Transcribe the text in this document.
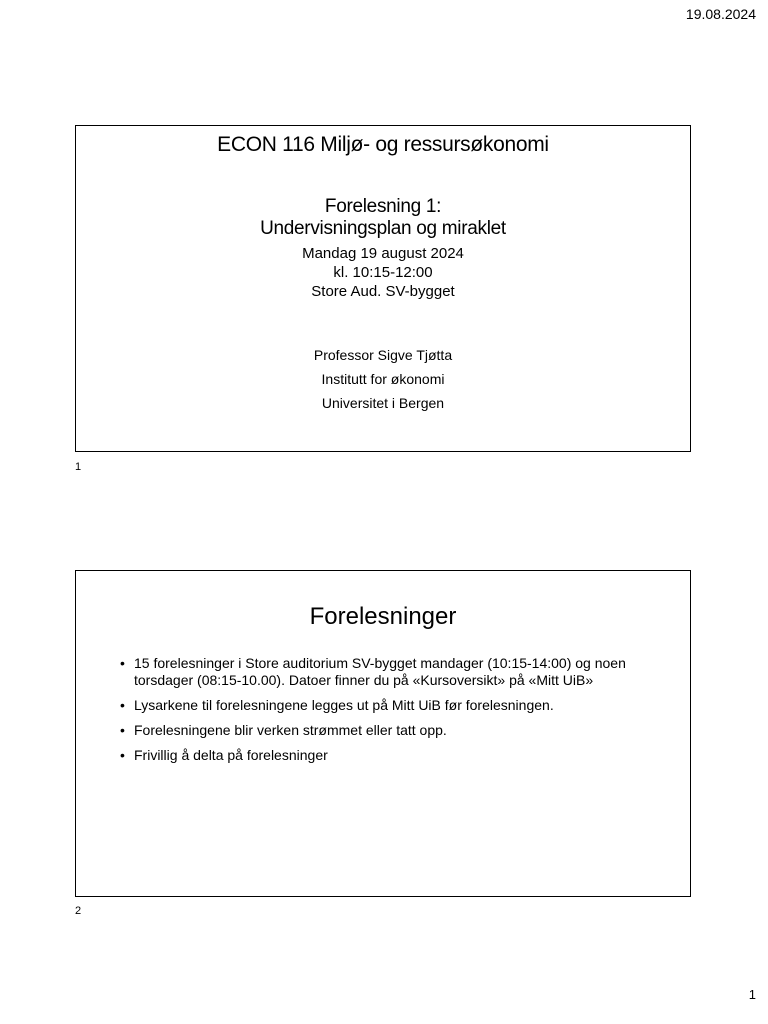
19.08.2024
ECON 116 Miljø- og ressursøkonomi
Forelesning 1:
Undervisningsplan og miraklet
Mandag 19 august 2024
kl. 10:15-12:00
Store Aud. SV-bygget
Professor Sigve Tjøtta
Institutt for økonomi
Universitet i Bergen
1
Forelesninger
• 15 forelesninger i Store auditorium SV-bygget mandager (10:15-14:00) og noen torsdager (08:15-10.00). Datoer finner du på «Kursoversikt» på «Mitt UiB»
• Lysarkene til forelesningene legges ut på Mitt UiB før forelesningen.
• Forelesningene blir verken strømmet eller tatt opp.
• Frivillig å delta på forelesninger
2
1
